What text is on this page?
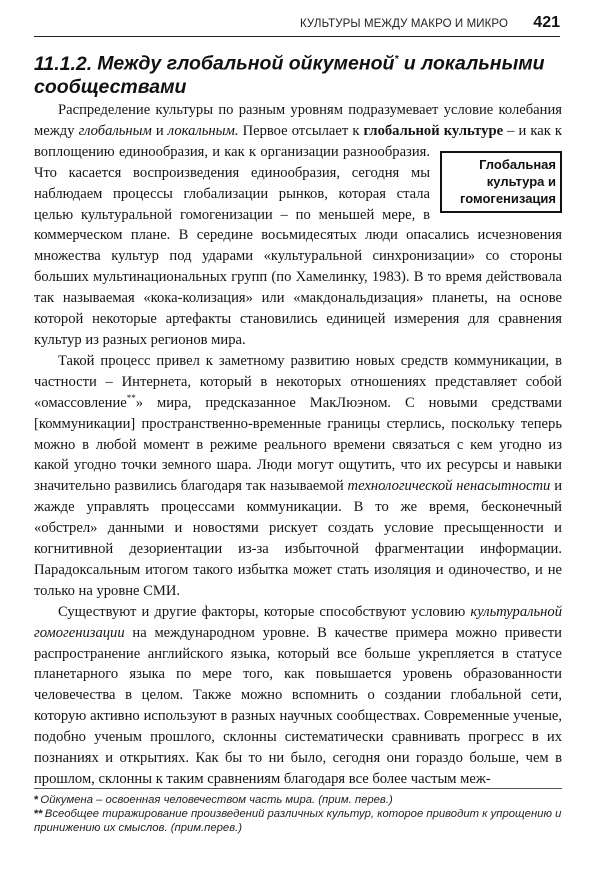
КУЛЬТУРЫ МЕЖДУ МАКРО И МИКРО 421
11.1.2. Между глобальной ойкуменой* и локальными сообществами

Распределение культуры по разным уровням подразумевает условие колебания между глобальным и локальным. Первое отсылает к глобальной культуре
Глобальная культура и гомогенизация
– и как к воплощению единообразия, и как к организации разнообразия. Что касается воспроизведения единообразия, сегодня мы наблюдаем процессы глобализации рынков, которая стала целью культуральной гомогенизации – по меньшей мере, в коммерческом плане. В середине восьмидесятых люди опасались исчезновения множества культур под ударами «культуральной синхронизации» со стороны больших мультинациональных групп (по Хамелинку, 1983). В то время действовала так называемая «кока-колизация» или «макдональдизация» планеты, на основе которой некоторые артефакты становились единицей измерения для сравнения культур из разных регионов мира.

Такой процесс привел к заметному развитию новых средств коммуникации, в частности – Интернета, который в некоторых отношениях представляет собой «омассовление**» мира, предсказанное МакЛюэном. С новыми средствами [коммуникации] пространственно-временные границы стерлись, поскольку теперь можно в любой момент в режиме реального времени связаться с кем угодно из какой угодно точки земного шара. Люди могут ощутить, что их ресурсы и навыки значительно развились благодаря так называемой технологической ненасытности и жажде управлять процессами коммуникации. В то же время, бесконечный «обстрел» данными и новостями рискует создать условие пресыщенности и когнитивной дезориентации из-за избыточной фрагментации информации. Парадоксальным итогом такого избытка может стать изоляция и одиночество, и не только на уровне СМИ.

Существуют и другие факторы, которые способствуют условию культуральной гомогенизации на международном уровне. В качестве примера можно привести распространение английского языка, который все больше укрепляется в статусе планетарного языка по мере того, как повышается уровень образованности человечества в целом. Также можно вспомнить о создании глобальной сети, которую активно используют в разных научных сообществах. Современные ученые, подобно ученым прошлого, склонны систематически сравнивать прогресс в их познаниях и открытиях. Как бы то ни было, сегодня они гораздо больше, чем в прошлом, склонны к таким сравнениям благодаря все более частым меж-

* Ойкумена – освоенная человечеством часть мира. (прим. перев.)
** Всеобщее тиражирование произведений различных культур, которое приводит к упрощению и принижению их смыслов. (прим.перев.)
